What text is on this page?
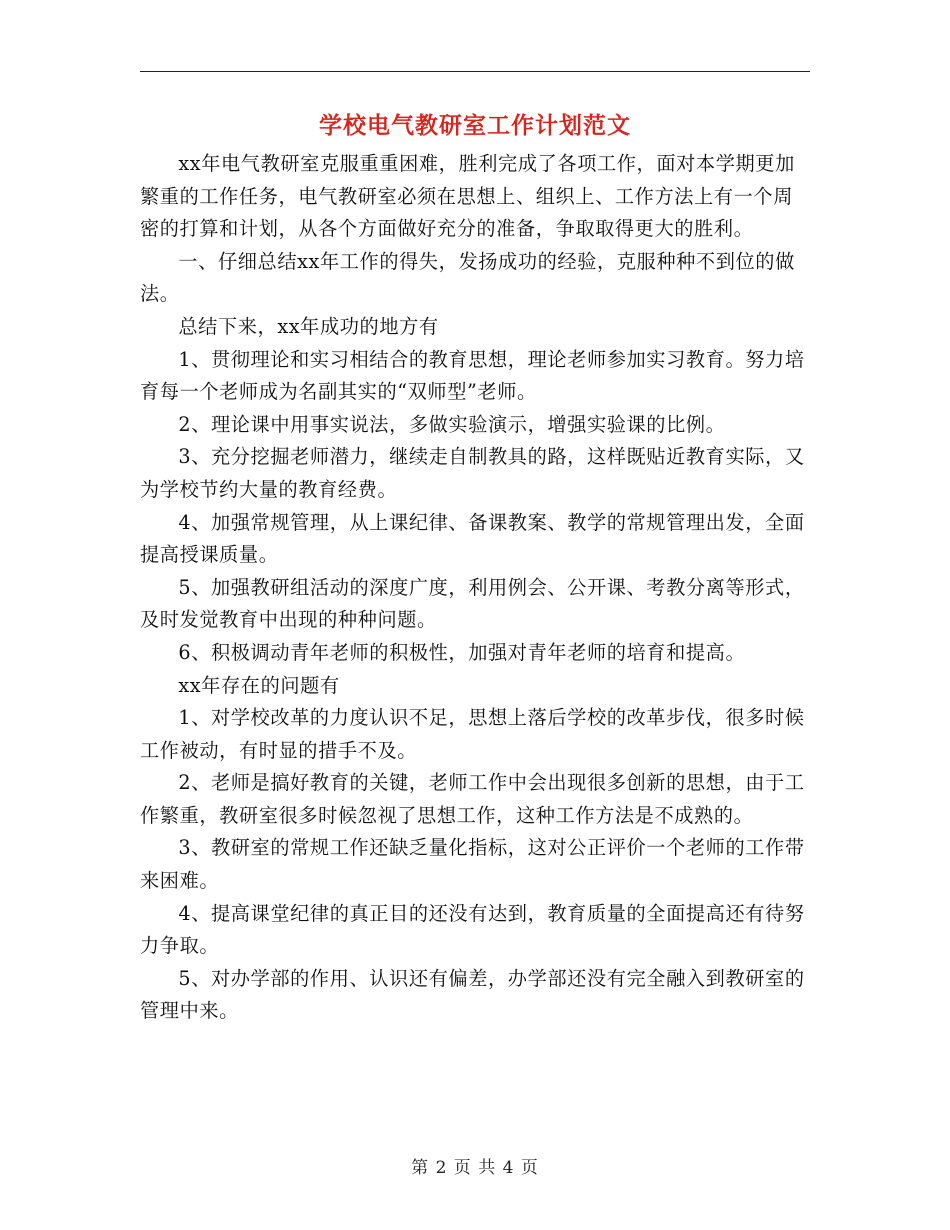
学校电气教研室工作计划范文

xx年电气教研室克服重重困难，胜利完成了各项工作，面对本学期更加繁重的工作任务，电气教研室必须在思想上、组织上、工作方法上有一个周密的打算和计划，从各个方面做好充分的准备，争取取得更大的胜利。

一、仔细总结xx年工作的得失，发扬成功的经验，克服种种不到位的做法。

总结下来，xx年成功的地方有

1、贯彻理论和实习相结合的教育思想，理论老师参加实习教育。努力培育每一个老师成为名副其实的“双师型”老师。

2、理论课中用事实说法，多做实验演示，增强实验课的比例。

3、充分挖掘老师潜力，继续走自制教具的路，这样既贴近教育实际，又为学校节约大量的教育经费。

4、加强常规管理，从上课纪律、备课教案、教学的常规管理出发，全面提高授课质量。

5、加强教研组活动的深度广度，利用例会、公开课、考教分离等形式，及时发觉教育中出现的种种问题。

6、积极调动青年老师的积极性，加强对青年老师的培育和提高。

xx年存在的问题有

1、对学校改革的力度认识不足，思想上落后学校的改革步伐，很多时候工作被动，有时显的措手不及。

2、老师是搞好教育的关键，老师工作中会出现很多创新的思想，由于工作繁重，教研室很多时候忽视了思想工作，这种工作方法是不成熟的。

3、教研室的常规工作还缺乏量化指标，这对公正评价一个老师的工作带来困难。

4、提高课堂纪律的真正目的还没有达到，教育质量的全面提高还有待努力争取。

5、对办学部的作用、认识还有偏差，办学部还没有完全融入到教研室的管理中来。

第 2 页 共 4 页
